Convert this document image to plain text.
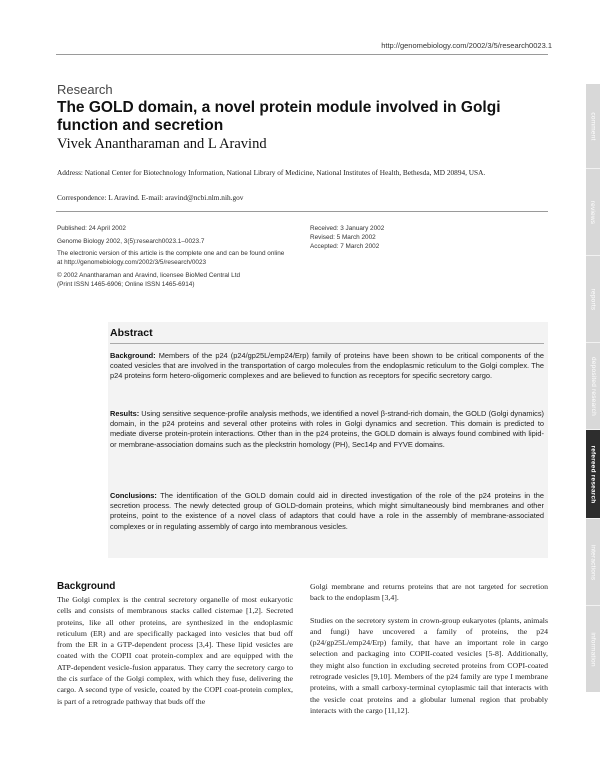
http://genomebiology.com/2002/3/5/research0023.1
Research
The GOLD domain, a novel protein module involved in Golgi function and secretion
Vivek Anantharaman and L Aravind
Address: National Center for Biotechnology Information, National Library of Medicine, National Institutes of Health, Bethesda, MD 20894, USA.
Correspondence: L Aravind. E-mail: aravind@ncbi.nlm.nih.gov

Published: 24 April 2002

Genome Biology 2002, 3(5):research0023.1–0023.7

The electronic version of this article is the complete one and can be found online at http://genomebiology.com/2002/3/5/research/0023

© 2002 Anantharaman and Aravind, licensee BioMed Central Ltd

(Print ISSN 1465-6906; Online ISSN 1465-6914)

Received: 3 January 2002
Revised: 5 March 2002
Accepted: 7 March 2002
Abstract

Background: Members of the p24 (p24/gp25L/emp24/Erp) family of proteins have been shown to be critical components of the coated vesicles that are involved in the transportation of cargo molecules from the endoplasmic reticulum to the Golgi complex. The p24 proteins form hetero-oligomeric complexes and are believed to function as receptors for specific secretory cargo.

Results: Using sensitive sequence-profile analysis methods, we identified a novel β-strand-rich domain, the GOLD (Golgi dynamics) domain, in the p24 proteins and several other proteins with roles in Golgi dynamics and secretion. This domain is predicted to mediate diverse protein-protein interactions. Other than in the p24 proteins, the GOLD domain is always found combined with lipid- or membrane-association domains such as the pleckstrin homology (PH), Sec14p and FYVE domains.

Conclusions: The identification of the GOLD domain could aid in directed investigation of the role of the p24 proteins in the secretion process. The newly detected group of GOLD-domain proteins, which might simultaneously bind membranes and other proteins, point to the existence of a novel class of adaptors that could have a role in the assembly of membrane-associated complexes or in regulating assembly of cargo into membranous vesicles.

Background

The Golgi complex is the central secretory organelle of most eukaryotic cells and consists of membranous stacks called cisternae [1,2]. Secreted proteins, like all other proteins, are synthesized in the endoplasmic reticulum (ER) and are specifically packaged into vesicles that bud off from the ER in a GTP-dependent process [3,4]. These lipid vesicles are coated with the COPII coat protein-complex and are equipped with the ATP-dependent vesicle-fusion apparatus. They carry the secretory cargo to the cis surface of the Golgi complex, with which they fuse, delivering the cargo. A second type of vesicle, coated by the COPI coat-protein complex, is part of a retrograde pathway that buds off the

Golgi membrane and returns proteins that are not targeted for secretion back to the endoplasm [3,4].

Studies on the secretory system in crown-group eukaryotes (plants, animals and fungi) have uncovered a family of proteins, the p24 (p24/gp25L/emp24/Erp) family, that have an important role in cargo selection and packaging into COPII-coated vesicles [5-8]. Additionally, they might also function in excluding secreted proteins from COPI-coated retrograde vesicles [9,10]. Members of the p24 family are type I membrane proteins, with a small carboxy-terminal cytoplasmic tail that interacts with the vesicle coat proteins and a globular lumenal region that probably interacts with the cargo [11,12].

comment
reviews
reports
deposited research
refereed research
interactions
information
